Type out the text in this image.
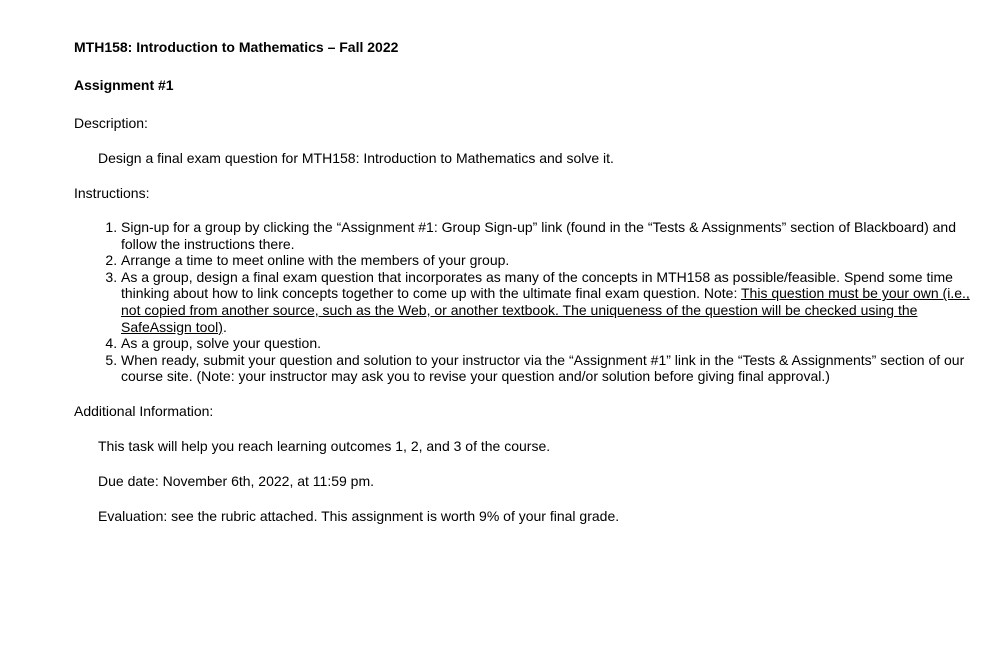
MTH158: Introduction to Mathematics – Fall 2022

Assignment #1

Description:

Design a final exam question for MTH158: Introduction to Mathematics and solve it.

Instructions:

1. Sign-up for a group by clicking the “Assignment #1: Group Sign-up” link (found in the “Tests & Assignments” section of Blackboard) and follow the instructions there.
2. Arrange a time to meet online with the members of your group.
3. As a group, design a final exam question that incorporates as many of the concepts in MTH158 as possible/feasible. Spend some time thinking about how to link concepts together to come up with the ultimate final exam question. Note: This question must be your own (i.e., not copied from another source, such as the Web, or another textbook. The uniqueness of the question will be checked using the SafeAssign tool).
4. As a group, solve your question.
5. When ready, submit your question and solution to your instructor via the “Assignment #1” link in the “Tests & Assignments” section of our course site. (Note: your instructor may ask you to revise your question and/or solution before giving final approval.)

Additional Information:

This task will help you reach learning outcomes 1, 2, and 3 of the course.

Due date: November 6th, 2022, at 11:59 pm.

Evaluation: see the rubric attached. This assignment is worth 9% of your final grade.
